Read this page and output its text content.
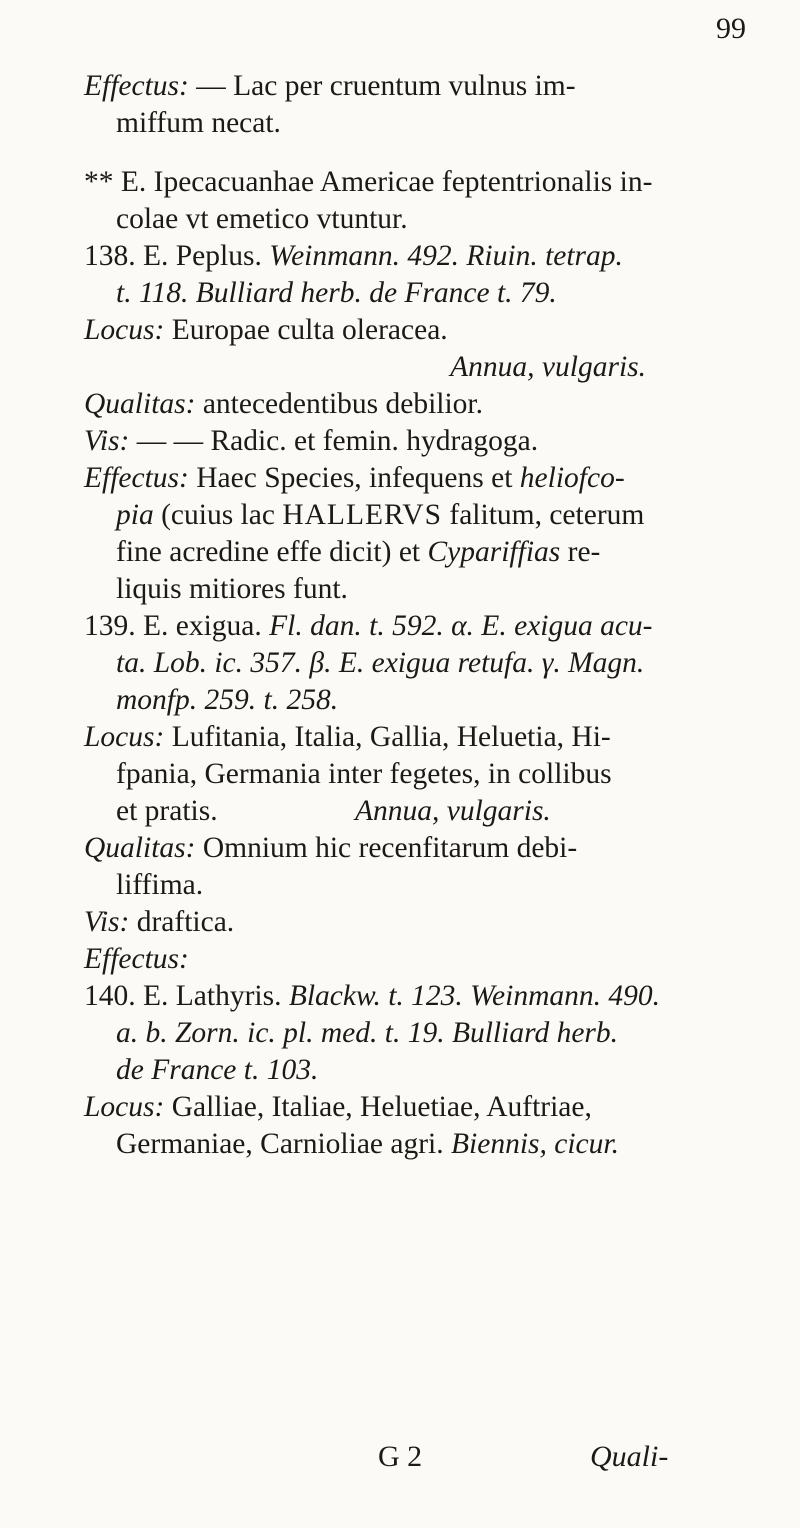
99
Effectus: — Lac per cruentum vulnus im-
miffum necat.
** E. Ipecacuanhae Americae feptentrionalis in-
colae vt emetico vtuntur.
138. E. Peplus. Weinmann. 492. Riuin. tetrap.
t. 118. Bulliard herb. de France t. 79.
Locus: Europae culta oleracea.
Annua, vulgaris.
Qualitas: antecedentibus debilior.
Vis: — — Radic. et femin. hydragoga.
Effectus: Haec Species, infequens et heliofco-
pia (cuius lac HALLERVS falitum, ceterum
fine acredine effe dicit) et Cypariffias re-
liquis mitiores funt.
139. E. exigua. Fl. dan. t. 592. α. E. exigua acu-
ta. Lob. ic. 357. β. E. exigua retufa. γ. Magn.
monfp. 259. t. 258.
Locus: Lufitania, Italia, Gallia, Heluetia, Hi-
fpania, Germania inter fegetes, in collibus
et pratis.	Annua, vulgaris.
Qualitas: Omnium hic recenfitarum debi-
liffima.
Vis: draftica.
Effectus:
140. E. Lathyris. Blackw. t. 123. Weinmann. 490.
a. b. Zorn. ic. pl. med. t. 19. Bulliard herb.
de France t. 103.
Locus: Galliae, Italiae, Heluetiae, Auftriae,
Germaniae, Carnioliae agri. Biennis, cicur.
G 2	Quali-
